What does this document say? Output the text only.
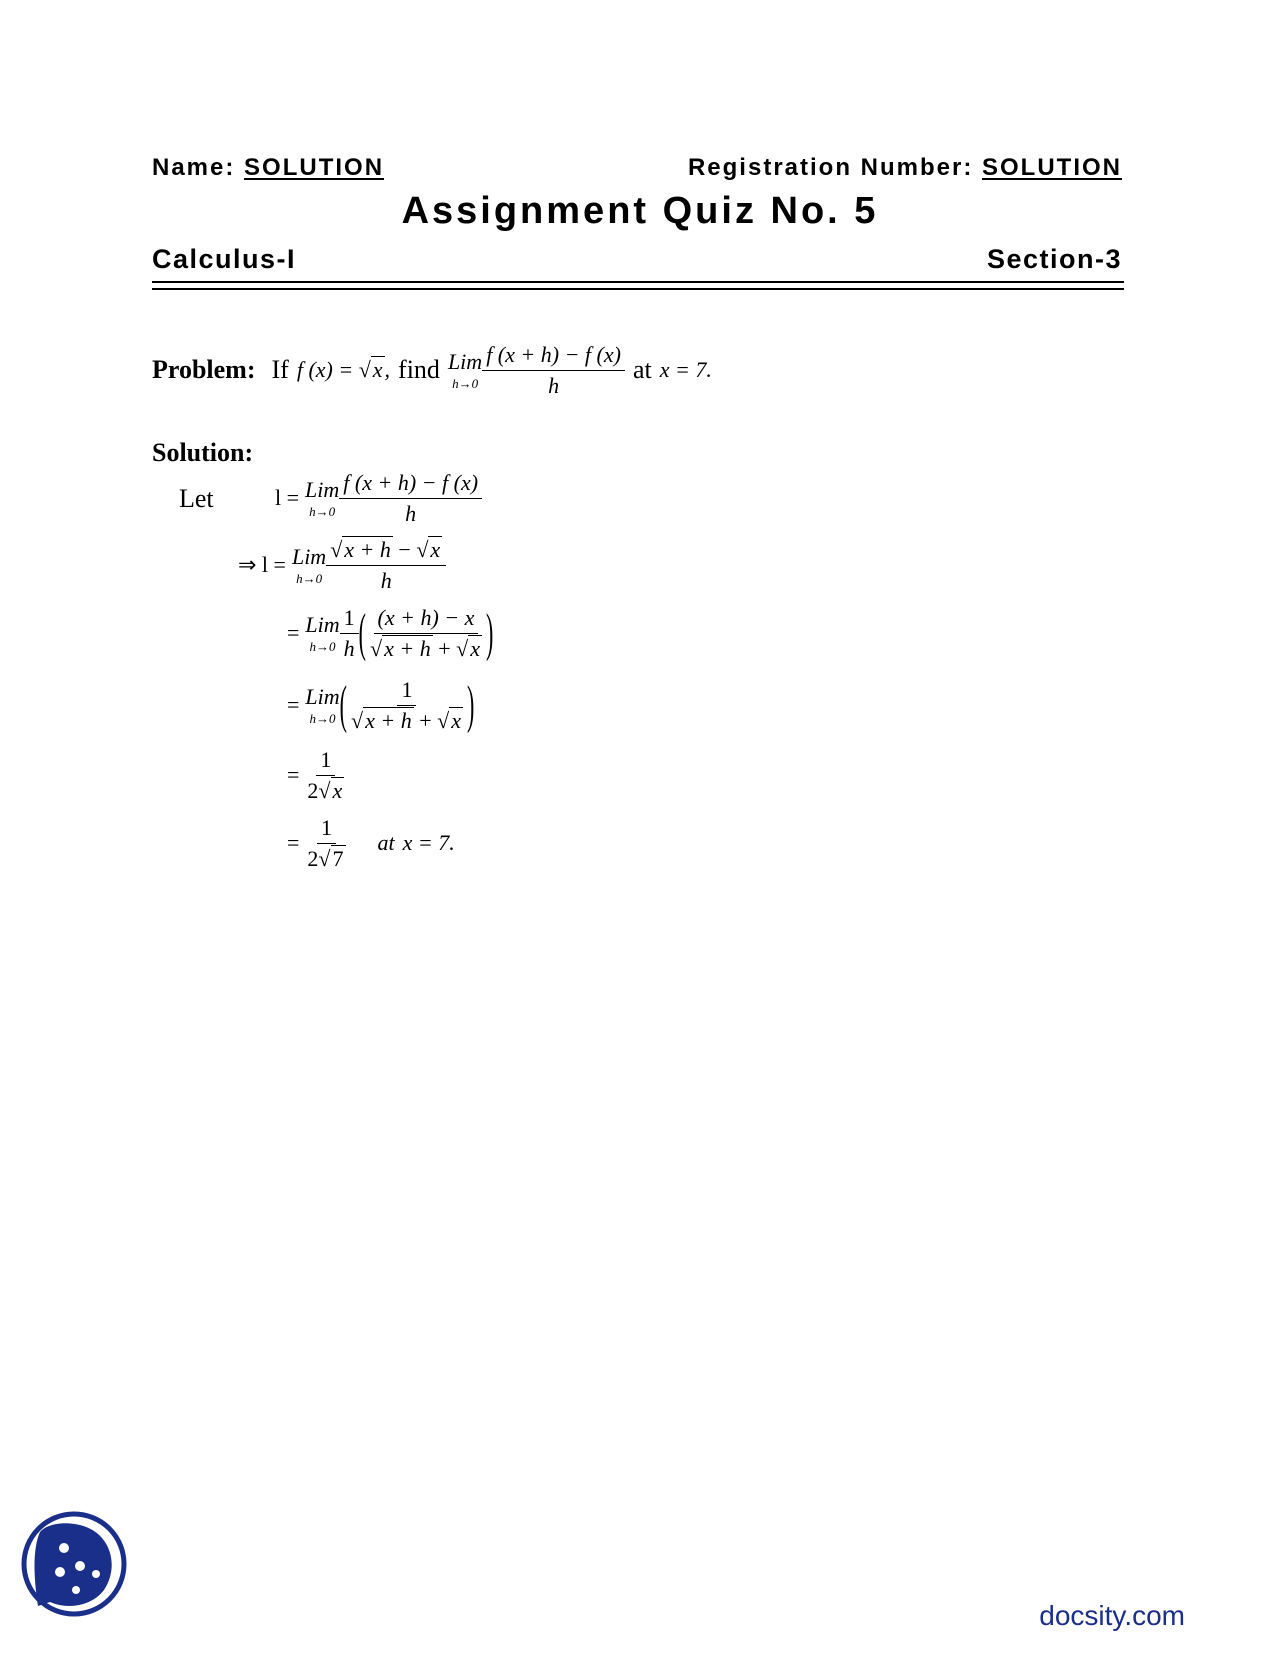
Name: SOLUTION	Registration Number: SOLUTION
Assignment Quiz No. 5
Calculus-I	Section-3
Problem: If f (x) = √x, find Lim
$h\to 0 \frac{f (x + h) - f (x)}{h}$ at x = 7.
Solution:
Let	l = Lim
$h\to 0 \frac{f (x + h) - f (x)}{h}$
⇒ l = Lim
$h\to 0 \frac{√x + h - √x}{h}$
= Lim
$h\to 0 \frac{1}{h}$ ( $\frac{(x + h) - x}{√x + h + √x}$ )
= Lim
h→0 ( $\frac{1}{√x + h + √x}$ )
= $\frac{1}{2√x}$
= $\frac{1}{2√7}$ at x = 7.
docsity.com
